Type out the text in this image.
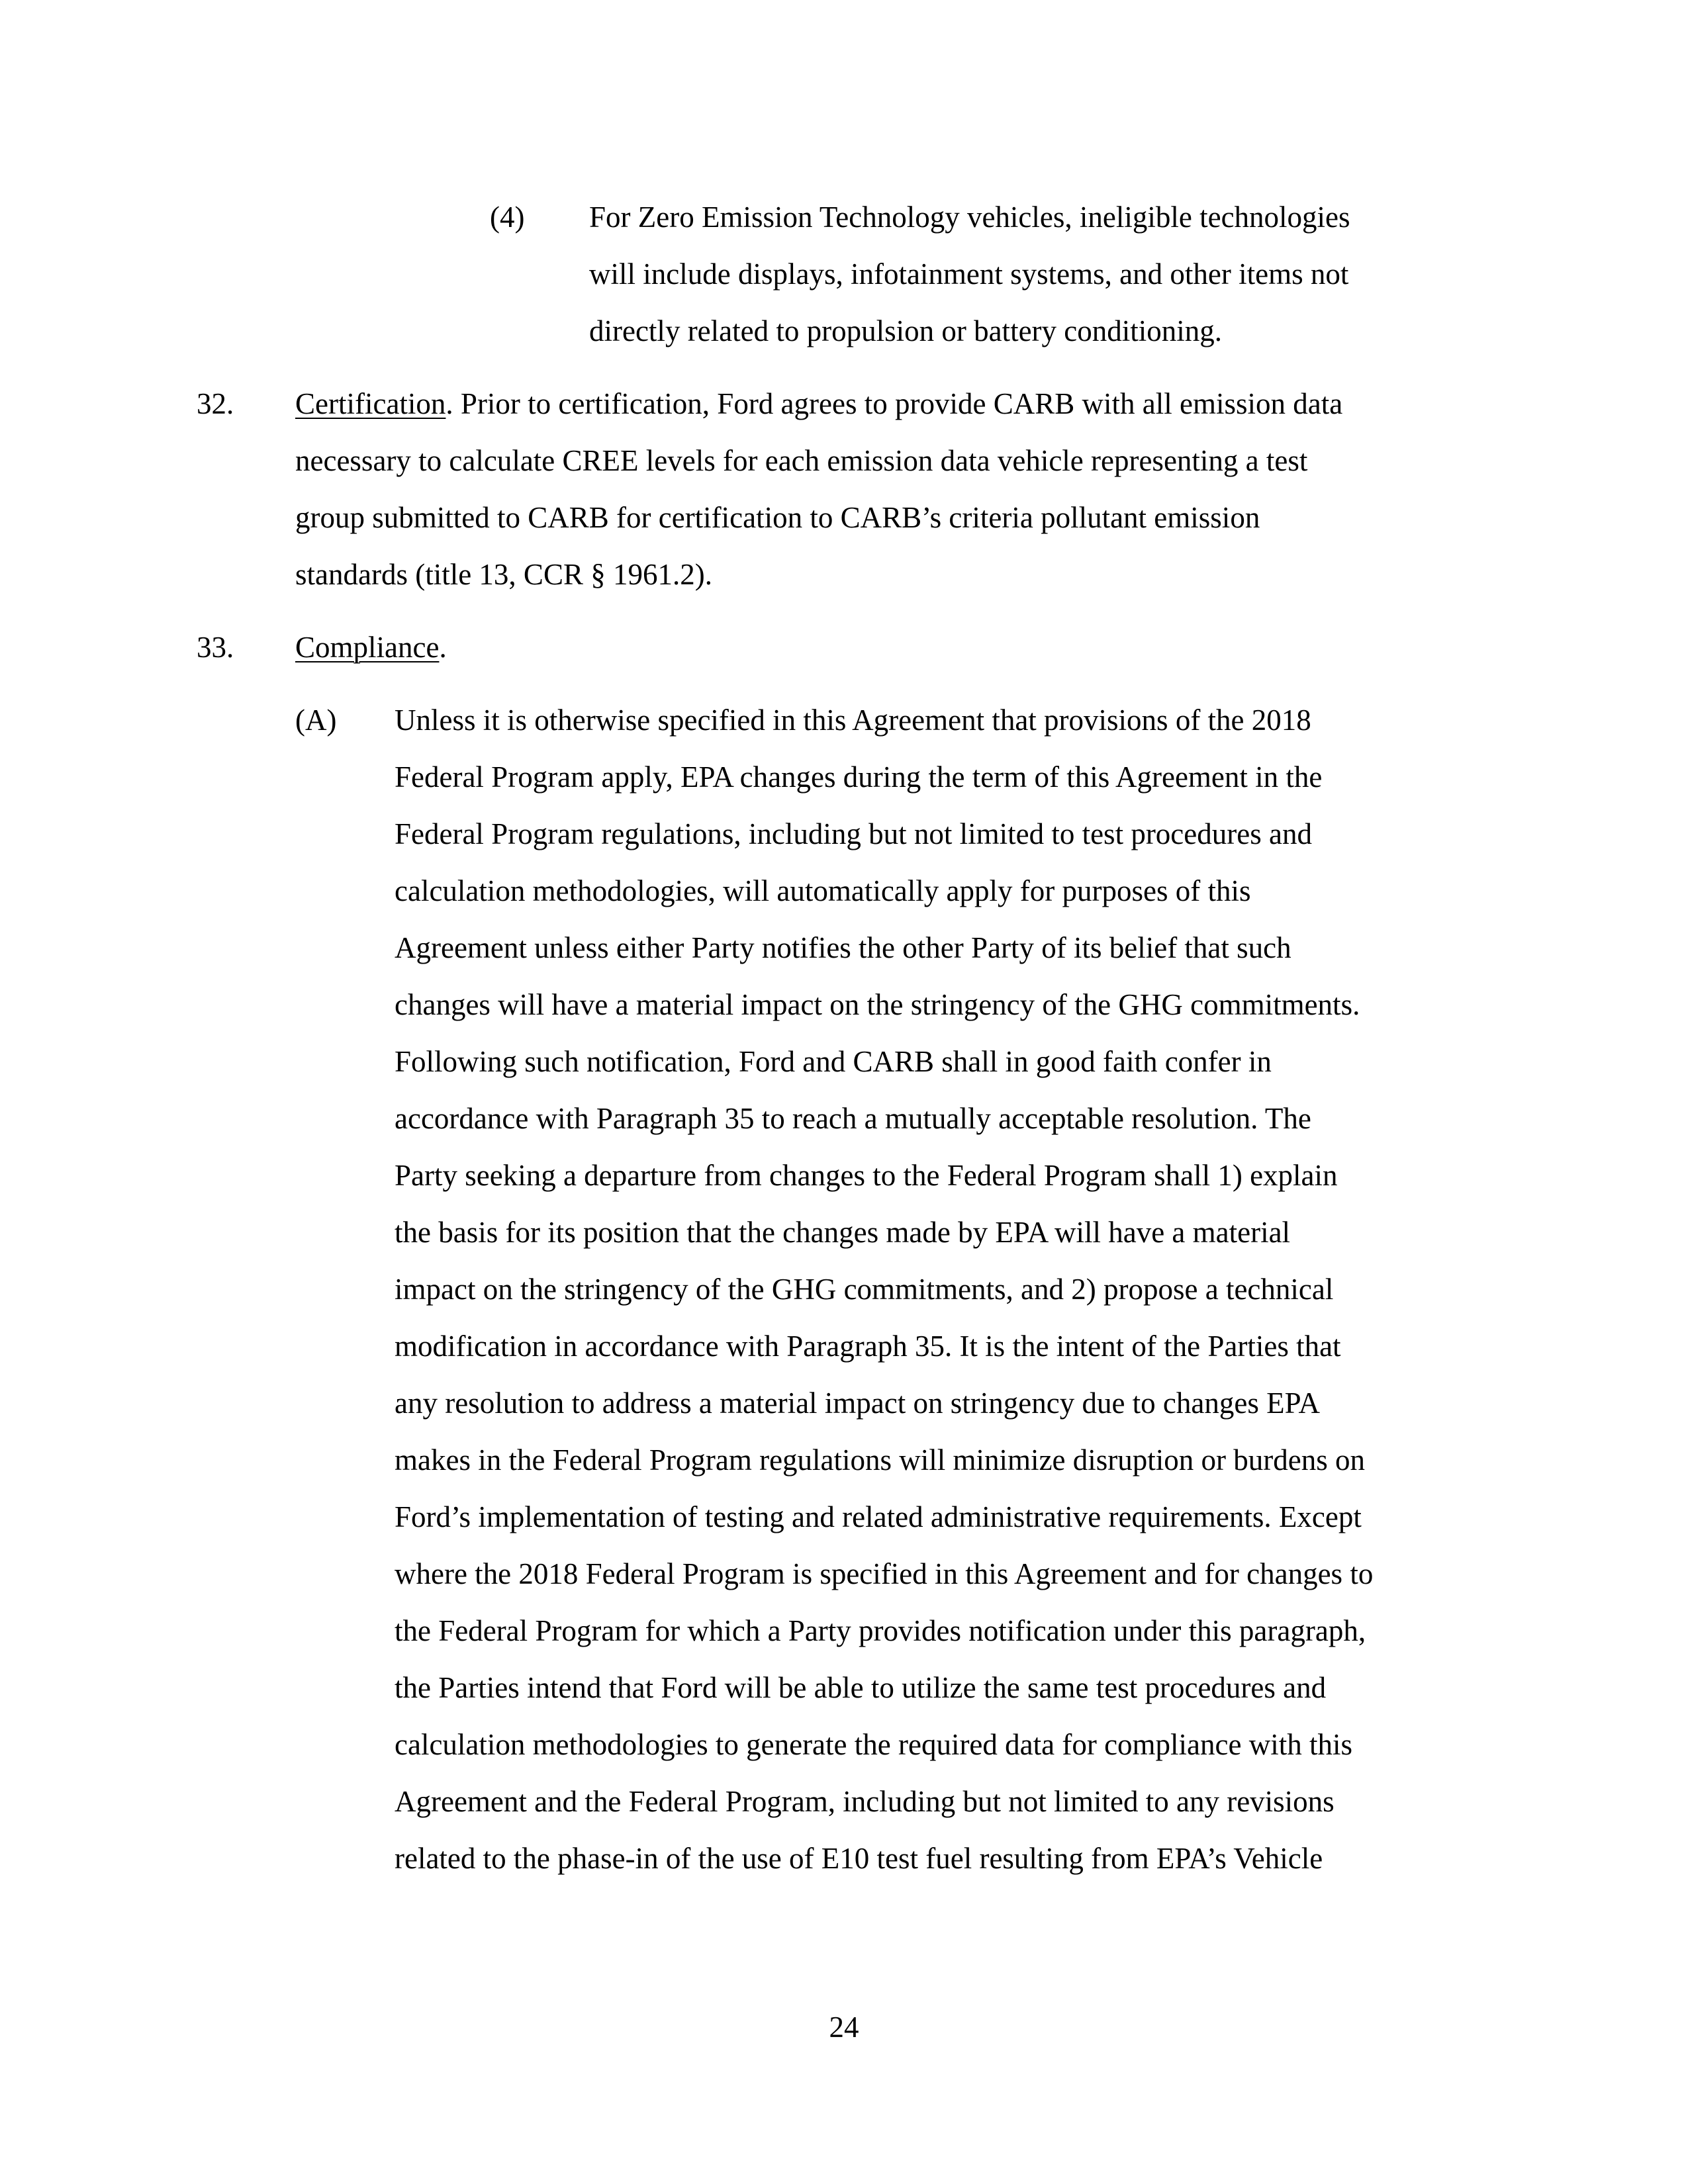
(4) For Zero Emission Technology vehicles, ineligible technologies
will include displays, infotainment systems, and other items not
directly related to propulsion or battery conditioning.
32. Certification. Prior to certification, Ford agrees to provide CARB with all emission data
necessary to calculate CREE levels for each emission data vehicle representing a test
group submitted to CARB for certification to CARB’s criteria pollutant emission
standards (title 13, CCR § 1961.2).
33. Compliance.
(A) Unless it is otherwise specified in this Agreement that provisions of the 2018
Federal Program apply, EPA changes during the term of this Agreement in the
Federal Program regulations, including but not limited to test procedures and
calculation methodologies, will automatically apply for purposes of this
Agreement unless either Party notifies the other Party of its belief that such
changes will have a material impact on the stringency of the GHG commitments.
Following such notification, Ford and CARB shall in good faith confer in
accordance with Paragraph 35 to reach a mutually acceptable resolution. The
Party seeking a departure from changes to the Federal Program shall 1) explain
the basis for its position that the changes made by EPA will have a material
impact on the stringency of the GHG commitments, and 2) propose a technical
modification in accordance with Paragraph 35. It is the intent of the Parties that
any resolution to address a material impact on stringency due to changes EPA
makes in the Federal Program regulations will minimize disruption or burdens on
Ford’s implementation of testing and related administrative requirements. Except
where the 2018 Federal Program is specified in this Agreement and for changes to
the Federal Program for which a Party provides notification under this paragraph,
the Parties intend that Ford will be able to utilize the same test procedures and
calculation methodologies to generate the required data for compliance with this
Agreement and the Federal Program, including but not limited to any revisions
related to the phase-in of the use of E10 test fuel resulting from EPA’s Vehicle
24
